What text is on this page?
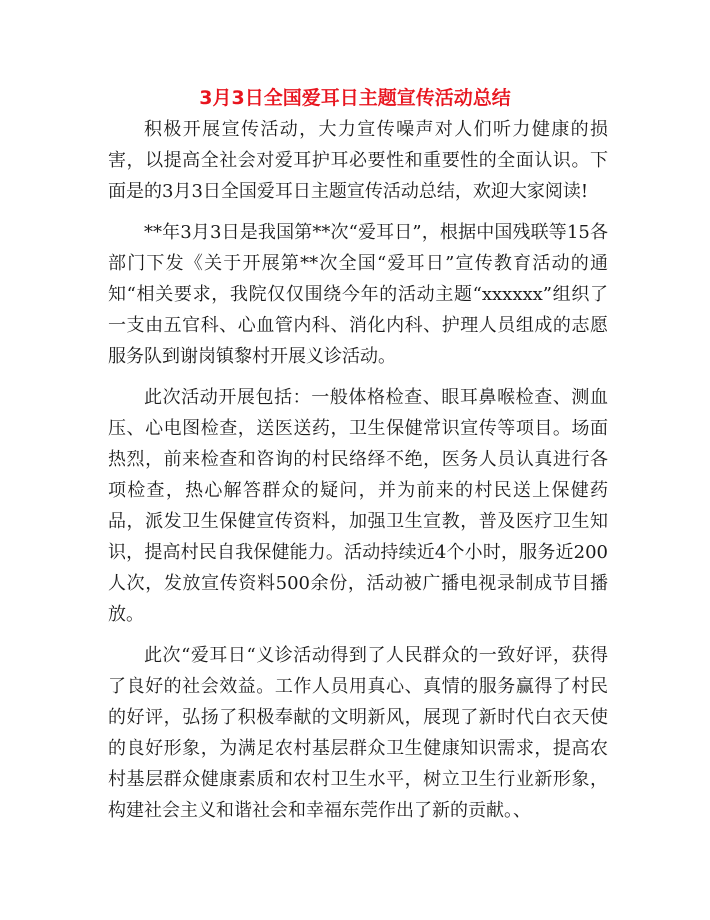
3月3日全国爱耳日主题宣传活动总结

积极开展宣传活动，大力宣传噪声对人们听力健康的损害，以提高全社会对爱耳护耳必要性和重要性的全面认识。下面是的3月3日全国爱耳日主题宣传活动总结，欢迎大家阅读!

**年3月3日是我国第**次“爱耳日”，根据中国残联等15各部门下发《关于开展第**次全国“爱耳日”宣传教育活动的通知“相关要求，我院仅仅围绕今年的活动主题“xxxxxx”组织了一支由五官科、心血管内科、消化内科、护理人员组成的志愿服务队到谢岗镇黎村开展义诊活动。

此次活动开展包括：一般体格检查、眼耳鼻喉检查、测血压、心电图检查，送医送药，卫生保健常识宣传等项目。场面热烈，前来检查和咨询的村民络绎不绝，医务人员认真进行各项检查，热心解答群众的疑问，并为前来的村民送上保健药品，派发卫生保健宣传资料，加强卫生宣教，普及医疗卫生知识，提高村民自我保健能力。活动持续近4个小时，服务近200人次，发放宣传资料500余份，活动被广播电视录制成节目播放。

此次“爱耳日“义诊活动得到了人民群众的一致好评，获得了良好的社会效益。工作人员用真心、真情的服务赢得了村民的好评，弘扬了积极奉献的文明新风，展现了新时代白衣天使的良好形象，为满足农村基层群众卫生健康知识需求，提高农村基层群众健康素质和农村卫生水平，树立卫生行业新形象，构建社会主义和谐社会和幸福东莞作出了新的贡献。、
